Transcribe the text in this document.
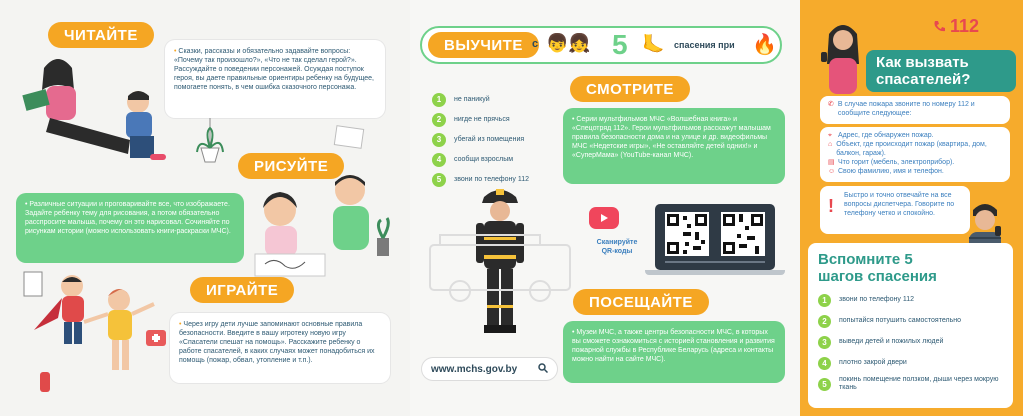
ЧИТАЙТЕ
• Сказки, рассказы и обязательно задавайте вопросы: «Почему так произошло?», «Что не так сделал герой?». Рассуждайте о поведении персонажей. Осуждая поступок героя, вы даете правильные ориентиры ребенку на будущее, помогаете понять, в чем ошибка сказочного персонажа.
РИСУЙТЕ
• Различные ситуации и проговаривайте все, что изображаете. Задайте ребенку тему для рисования, а потом обязательно расспросите малыша, почему он это нарисовал. Сочиняйте по рисункам истории (можно использовать книги-раскраски МЧС).
ИГРАЙТЕ
• Через игру дети лучше запоминают основные правила безопасности. Введите в вашу игротеку новую игру «Спасатели спешат на помощь». Расскажите ребенку о работе спасателей, в каких случаях может понадобиться их помощь (пожар, обвал, утопление и т.п.).
ВЫУЧИТЕ с 👦👧 5 🦶 спасения при 🔥
1	не паникуй
2	нигде не прячься
3	убегай из помещения
4	сообщи взрослым
5	звони по телефону 112
СМОТРИТЕ
• Серии мультфильмов МЧС «Волшебная книга» и «Спецотряд 112». Герои мультфильмов расскажут малышам правила безопасности дома и на улице и др. видеофильмы МЧС «Недетские игры», «Не оставляйте детей одних!» и «СуперМама» (YouTube-канал МЧС).
Сканируйте QR-коды
ПОСЕЩАЙТЕ
• Музеи МЧС, а также центры безопасности МЧС, в которых вы сможете ознакомиться с историей становления и развития пожарной службы в Республике Беларусь (адреса и контакты можно найти на сайте МЧС).
www.mchs.gov.by
112
Как вызвать спасателей?
✆ В случае пожара звоните по номеру 112 и сообщите следующее:
⌖ Адрес, где обнаружен пожар.
⌂ Объект, где происходит пожар (квартира, дом, балкон, гараж).
▤ Что горит (мебель, электроприбор).
☺ Свою фамилию, имя и телефон.
!
Быстро и точно отвечайте на все вопросы диспетчера. Говорите по телефону четко и спокойно.
Вспомните 5 шагов спасения
1	звони по телефону 112
2	попытайся потушить самостоятельно
3	выведи детей и пожилых людей
4	плотно закрой двери
5	покинь помещение ползком, дыши через мокрую ткань
